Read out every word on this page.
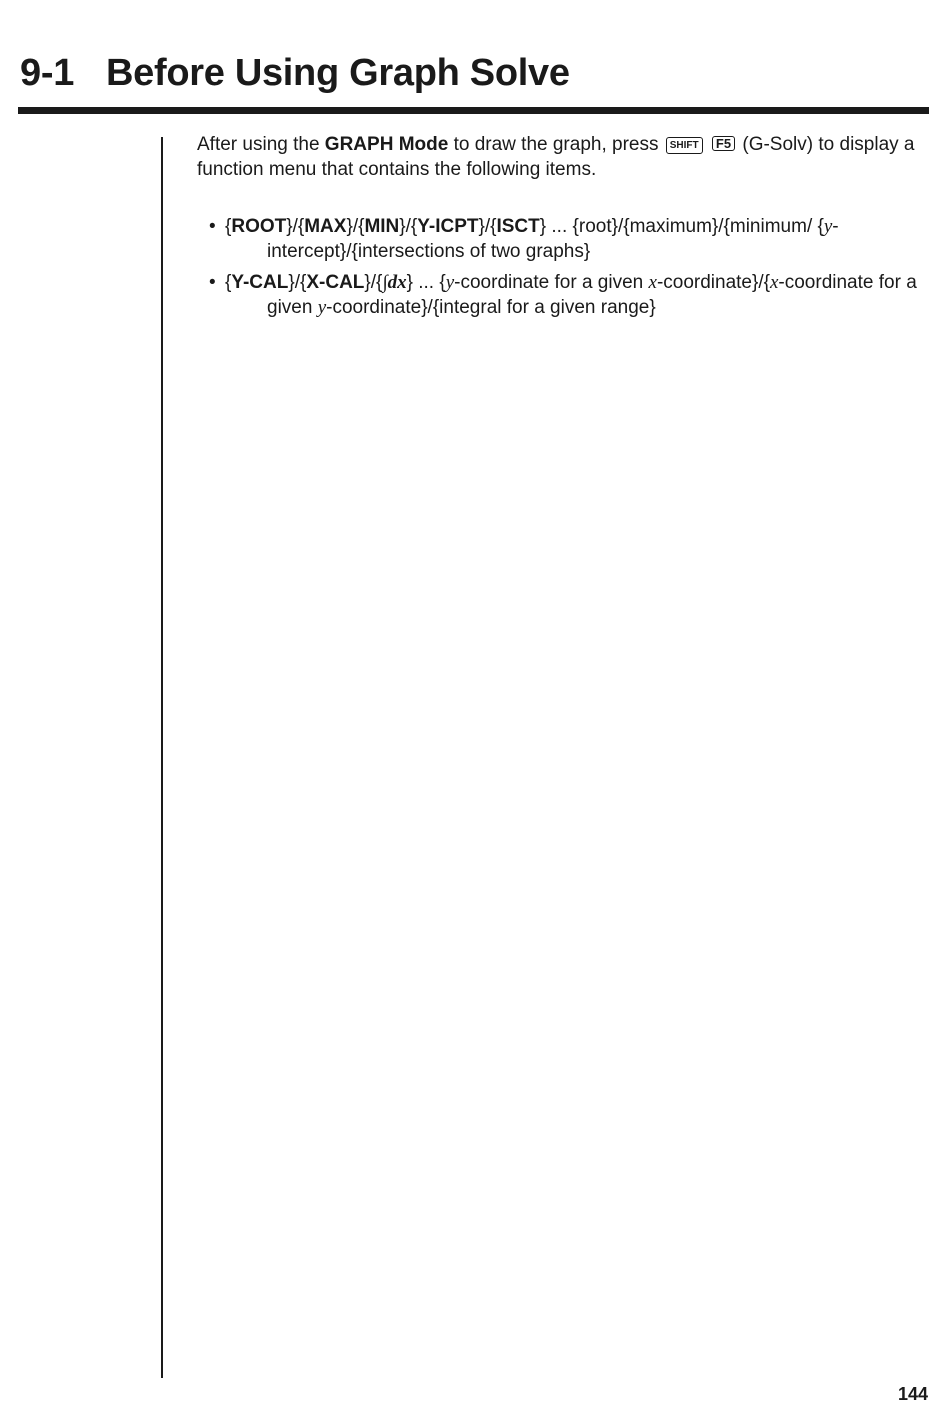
9-1 Before Using Graph Solve

After using the GRAPH Mode to draw the graph, press SHIFT F5 (G-Solv) to display a function menu that contains the following items.

• {ROOT}/{MAX}/{MIN}/{Y-ICPT}/{ISCT} ... {root}/{maximum}/{minimum/ {y-intercept}/{intersections of two graphs}
• {Y-CAL}/{X-CAL}/{∫dx} ... {y-coordinate for a given x-coordinate}/{x-coordinate for a given y-coordinate}/{integral for a given range}
144
